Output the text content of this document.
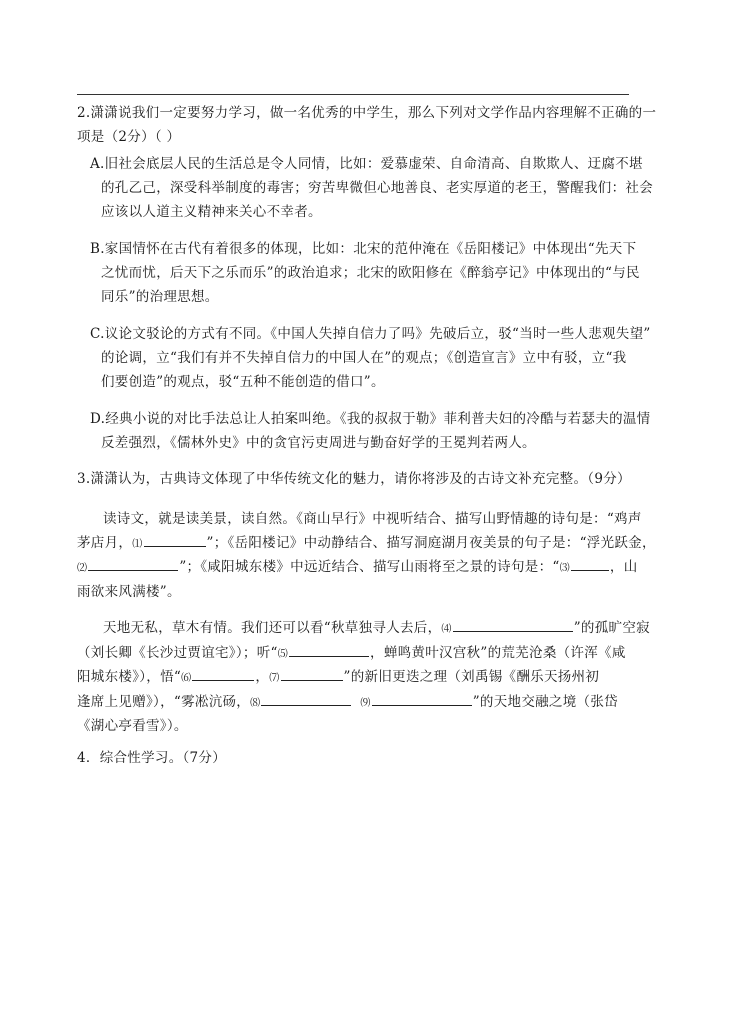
2.潇潇说我们一定要努力学习，做一名优秀的中学生，那么下列对文学作品内容理解不正确的一
项是（2分）（ ）
A.旧社会底层人民的生活总是令人同情，比如：爱慕虚荣、自命清高、自欺欺人、迂腐不堪
的孔乙己，深受科举制度的毒害；穷苦卑微但心地善良、老实厚道的老王，警醒我们：社会
应该以人道主义精神来关心不幸者。
B.家国情怀在古代有着很多的体现，比如：北宋的范仲淹在《岳阳楼记》中体现出“先天下
之忧而忧，后天下之乐而乐”的政治追求；北宋的欧阳修在《醉翁亭记》中体现出的“与民
同乐”的治理思想。
C.议论文驳论的方式有不同。《中国人失掉自信力了吗》先破后立，驳“当时一些人悲观失望”
的论调，立“我们有并不失掉自信力的中国人在”的观点；《创造宣言》立中有驳，立“我
们要创造”的观点，驳“五种不能创造的借口”。
D.经典小说的对比手法总让人拍案叫绝。《我的叔叔于勒》菲利普夫妇的冷酷与若瑟夫的温情
反差强烈，《儒林外史》中的贪官污吏周进与勤奋好学的王冕判若两人。
3.潇潇认为，古典诗文体现了中华传统文化的魅力，请你将涉及的古诗文补充完整。（9分）
读诗文，就是读美景，读自然。《商山早行》中视听结合、描写山野情趣的诗句是：“鸡声
茅店月，⑴	”；《岳阳楼记》中动静结合、描写洞庭湖月夜美景的句子是：“浮光跃金，
⑵	”；《咸阳城东楼》中远近结合、描写山雨将至之景的诗句是：“⑶	，山
雨欲来风满楼”。
天地无私，草木有情。我们还可以看“秋草独寻人去后，⑷	”的孤旷空寂
（刘长卿《长沙过贾谊宅》）；听“⑸	，蝉鸣黄叶汉宫秋”的荒芜沧桑（许浑《咸
阳城东楼》），悟“⑹	，⑺	”的新旧更迭之理（刘禹锡《酬乐天扬州初
逢席上见赠》），“雾凇沆砀，⑻	⑼	”的天地交融之境（张岱
《湖心亭看雪》）。
4．综合性学习。（7分）
